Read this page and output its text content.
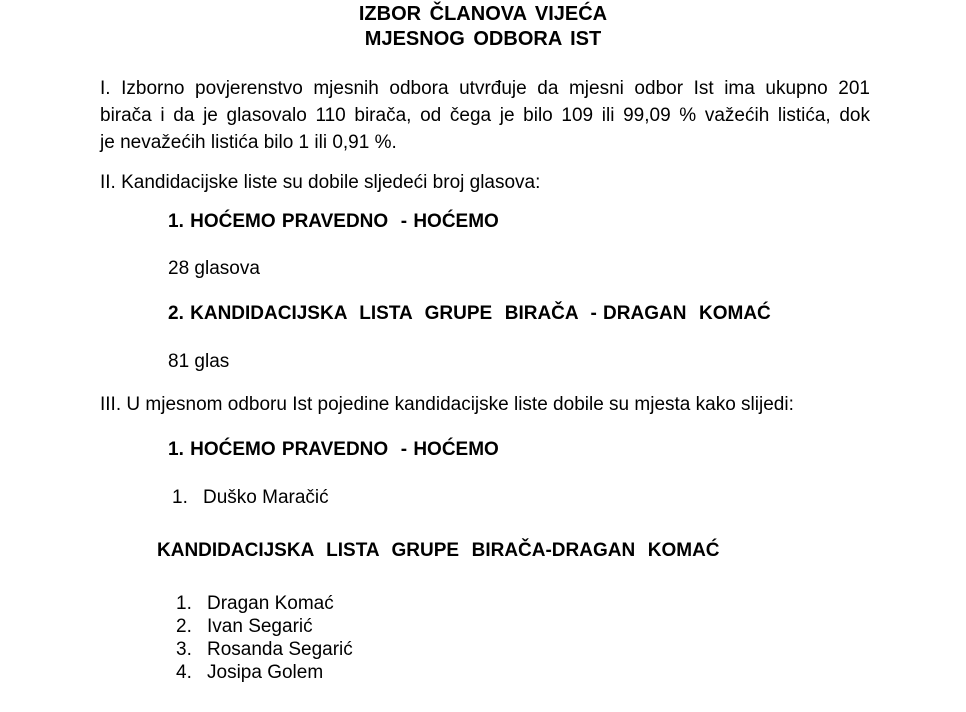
IZBOR ČLANOVA VIJEĆA
MJESNOG ODBORA IST
I. Izborno povjerenstvo mjesnih odbora utvrđuje da mjesni odbor Ist ima ukupno 201
birača i da je glasovalo 110 birača, od čega je bilo 109 ili 99,09 % važećih listića, dok
je nevažećih listića bilo 1 ili 0,91 %.
II. Kandidacijske liste su dobile sljedeći broj glasova:
1. HOĆEMO PRAVEDNO  - HOĆEMO
28 glasova
2. KANDIDACIJSKA  LISTA  GRUPE  BIRAČA  - DRAGAN  KOMAĆ
81 glas
III. U mjesnom odboru Ist pojedine kandidacijske liste dobile su mjesta kako slijedi:
1. HOĆEMO PRAVEDNO  - HOĆEMO
1. Duško Maračić
KANDIDACIJSKA  LISTA  GRUPE  BIRAČA-DRAGAN  KOMAĆ
1. Dragan Komać
2. Ivan Segarić
3. Rosanda Segarić
4. Josipa Golem
